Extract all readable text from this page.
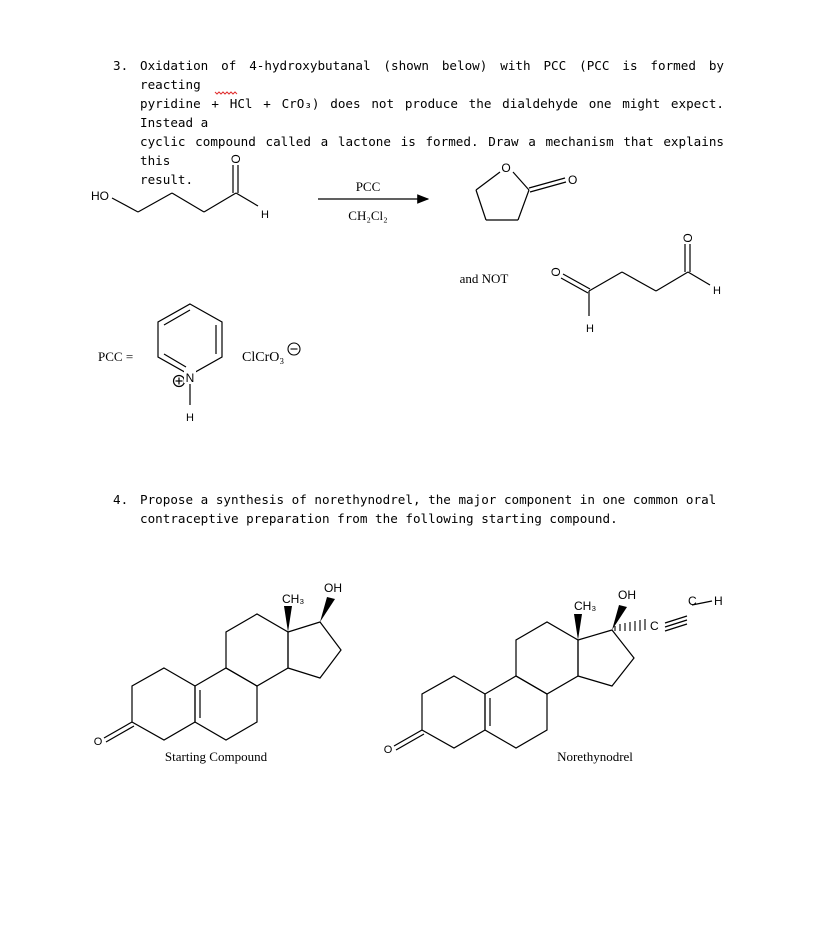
3. Oxidation of 4-hydroxybutanal (shown below) with PCC (PCC is formed by reacting
pyridine + HCl + CrO₃) does not produce the dialdehyde one might expect. Instead a
cyclic compound called a lactone is formed. Draw a mechanism that explains this
result.
4. Propose a synthesis of norethynodrel, the major component in one common oral
contraceptive preparation from the following starting compound.
HO
O
H
PCC
CH₂Cl₂
O
O
and NOT	O
H
O
H
PCC =
N
H
ClCrO₃
O
CH₃
OH
Starting Compound	O
CH₃
OH
C
C H
Norethynodrel
